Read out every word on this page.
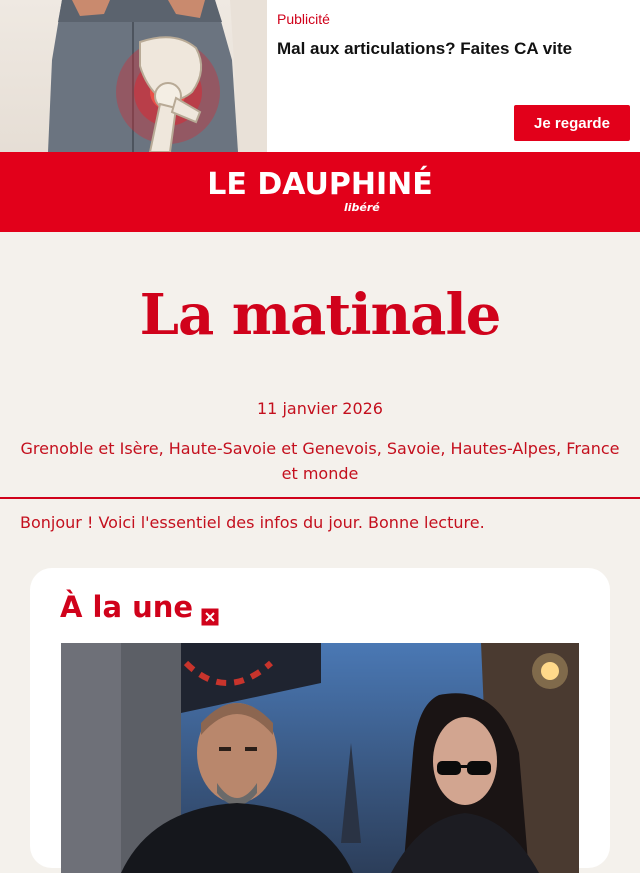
Publicité
Mal aux articulations? Faites CA vite
Je regarde
LE DAUPHINÉ
libéré
La matinale
11 janvier 2026
Grenoble et Isère, Haute-Savoie et Genevois, Savoie, Hautes-Alpes, France et monde
Bonjour ! Voici l'essentiel des infos du jour. Bonne lecture.
À la une
